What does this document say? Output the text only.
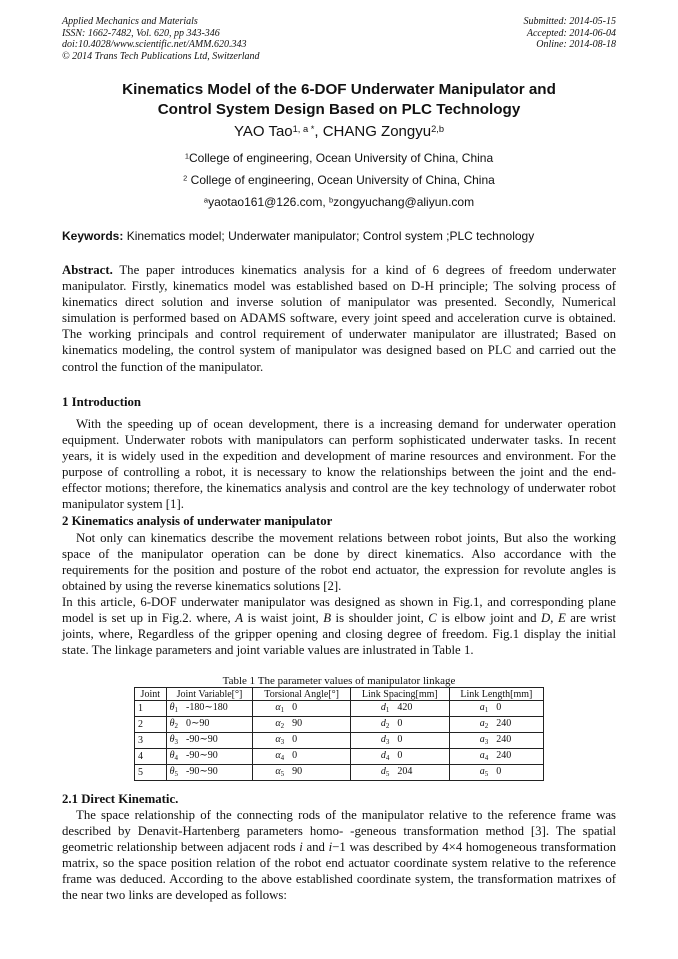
Applied Mechanics and Materials
ISSN: 1662-7482, Vol. 620, pp 343-346
doi:10.4028/www.scientific.net/AMM.620.343
© 2014 Trans Tech Publications Ltd, Switzerland
Submitted: 2014-05-15
Accepted: 2014-06-04
Online: 2014-08-18
Kinematics Model of the 6-DOF Underwater Manipulator and
Control System Design Based on PLC Technology
YAO Tao$^{1, a *}$, CHANG Zongyu$^{2,b}$
$^1$College of engineering, Ocean University of China, China
$^2$ College of engineering, Ocean University of China, China
$^a$yaotao161@126.com, $^b$zongyuchang@aliyun.com
Keywords: Kinematics model; Underwater manipulator; Control system ;PLC technology

Abstract. The paper introduces kinematics analysis for a kind of 6 degrees of freedom underwater manipulator. Firstly, kinematics model was established based on D-H principle; The solving process of kinematics direct solution and inverse solution of manipulator was presented. Secondly, Numerical simulation is performed based on ADAMS software, every joint speed and acceleration curve is obtained. The working principals and control requirement of underwater manipulator are illustrated; Based on kinematics modeling, the control system of manipulator was designed based on PLC and carried out the control the function of the manipulator.

1 Introduction

With the speeding up of ocean development, there is a increasing demand for underwater operation equipment. Underwater robots with manipulators can perform sophisticated underwater tasks. In recent years, it is widely used in the expedition and development of marine resources and environment. For the purpose of controlling a robot, it is necessary to know the relationships between the joint and the end-effector motions; therefore, the kinematics analysis and control are the key technology of underwater robot manipulator system [1].

2 Kinematics analysis of underwater manipulator

Not only can kinematics describe the movement relations between robot joints, But also the working space of the manipulator operation can be done by direct kinematics. Also accordance with the requirements for the position and posture of the robot end actuator, the expression for revolute angles is obtained by using the reverse kinematics solutions [2].

In this article, 6-DOF underwater manipulator was designed as shown in Fig.1, and corresponding plane model is set up in Fig.2. where, A is waist joint, B is shoulder joint, C is elbow joint and D, E are wrist joints, where, Regardless of the gripper opening and closing degree of freedom. Fig.1 display the initial state. The linkage parameters and joint variable values are inlustrated in Table 1.

Table 1 The parameter values of manipulator linkage
Joint	Joint Variable[°]	Torsional Angle[°]	Link Spacing[mm]	Link Length[mm]
1	$\theta_1$ -180∼180	$\alpha_1$ 0	$d_1$ 420	$a_1$ 0
2	$\theta_2$ 0∼90	$\alpha_2$ 90	$d_2$ 0	$a_2$ 240
3	$\theta_3$ -90∼90	$\alpha_3$ 0	$d_3$ 0	$a_3$ 240
4	$\theta_4$ -90∼90	$\alpha_4$ 0	$d_4$ 0	$a_4$ 240
5	$\theta_5$ -90∼90	$\alpha_5$ 90	$d_5$ 204	$a_5$ 0
2.1 Direct Kinematic.

The space relationship of the connecting rods of the manipulator relative to the reference frame was described by Denavit-Hartenberg parameters homo- -geneous transformation method [3]. The spatial geometric relationship between adjacent rods i and i−1 was described by 4×4 homogeneous transformation matrix, so the space position relation of the robot end actuator coordinate system relative to the reference frame was deduced. According to the above established coordinate system, the transformation matrixes of the near two links are developed as follows:
